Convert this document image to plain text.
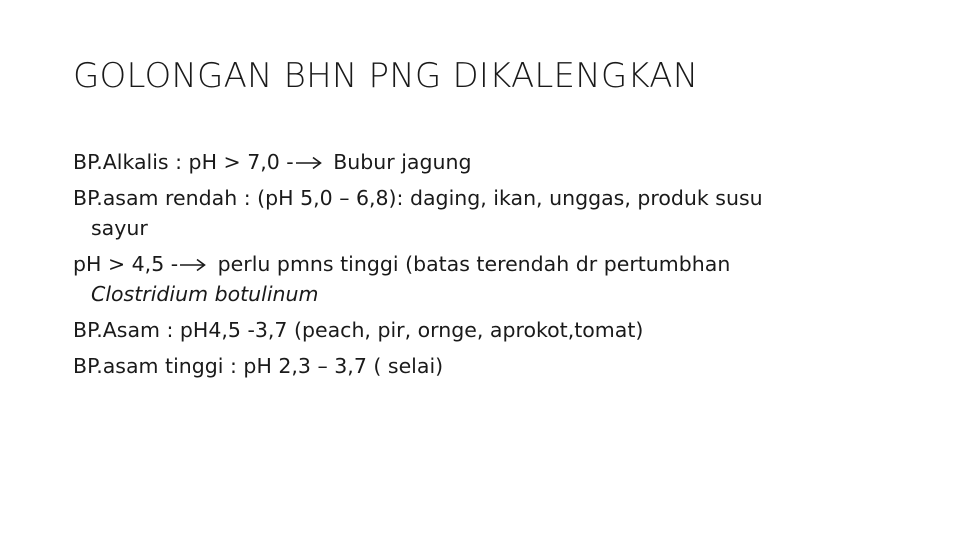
GOLONGAN BHN PNG DIKALENGKAN
BP.Alkalis : pH > 7,0 - Bubur jagung
BP.asam rendah : (pH 5,0 – 6,8): daging, ikan, unggas, produk susu
sayur
pH > 4,5 - perlu pmns tinggi (batas terendah dr pertumbhan
Clostridium botulinum
BP.Asam : pH4,5 -3,7 (peach, pir, ornge, aprokot,tomat)
BP.asam tinggi : pH 2,3 – 3,7 ( selai)
